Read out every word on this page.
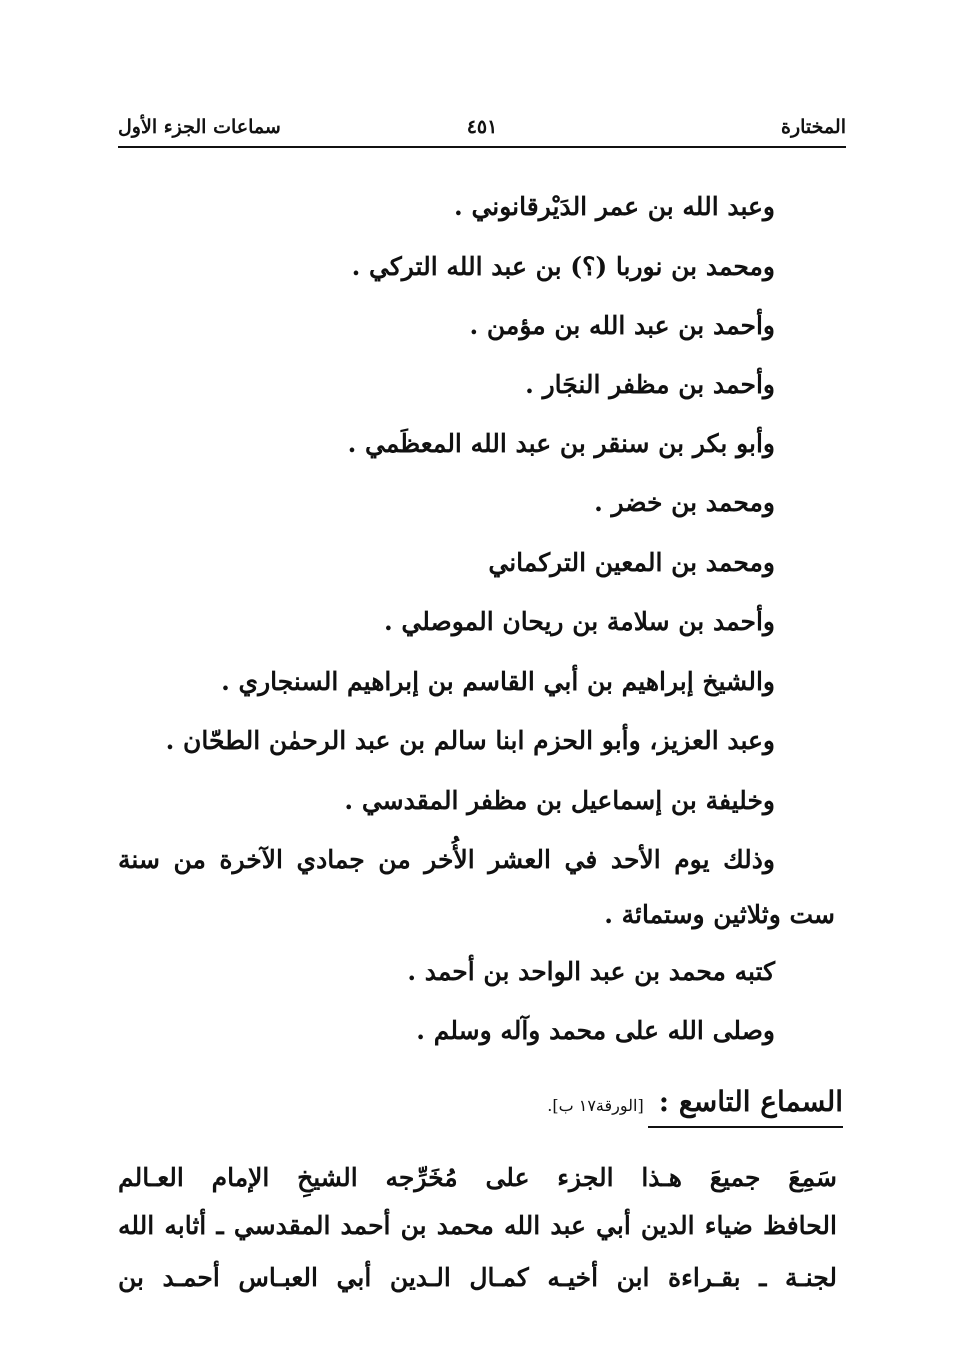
المختارة
٤٥١
سماعات الجزء الأول
وعبد الله بن عمر الدَيْرقانوني .
ومحمد بن نوربا (؟) بن عبد الله التركي .
وأحمد بن عبد الله بن مؤمن .
وأحمد بن مظفر النجَار .
وأبو بكر بن سنقر بن عبد الله المعظَمي .
ومحمد بن خضر .
ومحمد بن المعين التركماني
وأحمد بن سلامة بن ريحان الموصلي .
والشيخ إبراهيم بن أبي القاسم بن إبراهيم السنجاري .
وعبد العزيز، وأبو الحزم ابنا سالم بن عبد الرحمٰن الطحّان .
وخليفة بن إسماعيل بن مظفر المقدسي .
وذلك يوم الأحد في العشر الأُخر من جمادي الآخرة من سنة
ست وثلاثين وستمائة .
كتبه محمد بن عبد الواحد بن أحمد .
وصلى الله على محمد وآله وسلم .
السماع التاسع : [الورقة١٧ ب].
سَمِعَ جميعَ هـذا الجزء على مُخَرِّجه الشيخِ الإمام العـالم
الحافظ ضياء الدين أبي عبد الله محمد بن أحمد المقدسي ـ أثابه الله
لجنـة ـ بقـراءة ابن أخيـه كمـال الـدين أبي العبـاس أحمـد بن
